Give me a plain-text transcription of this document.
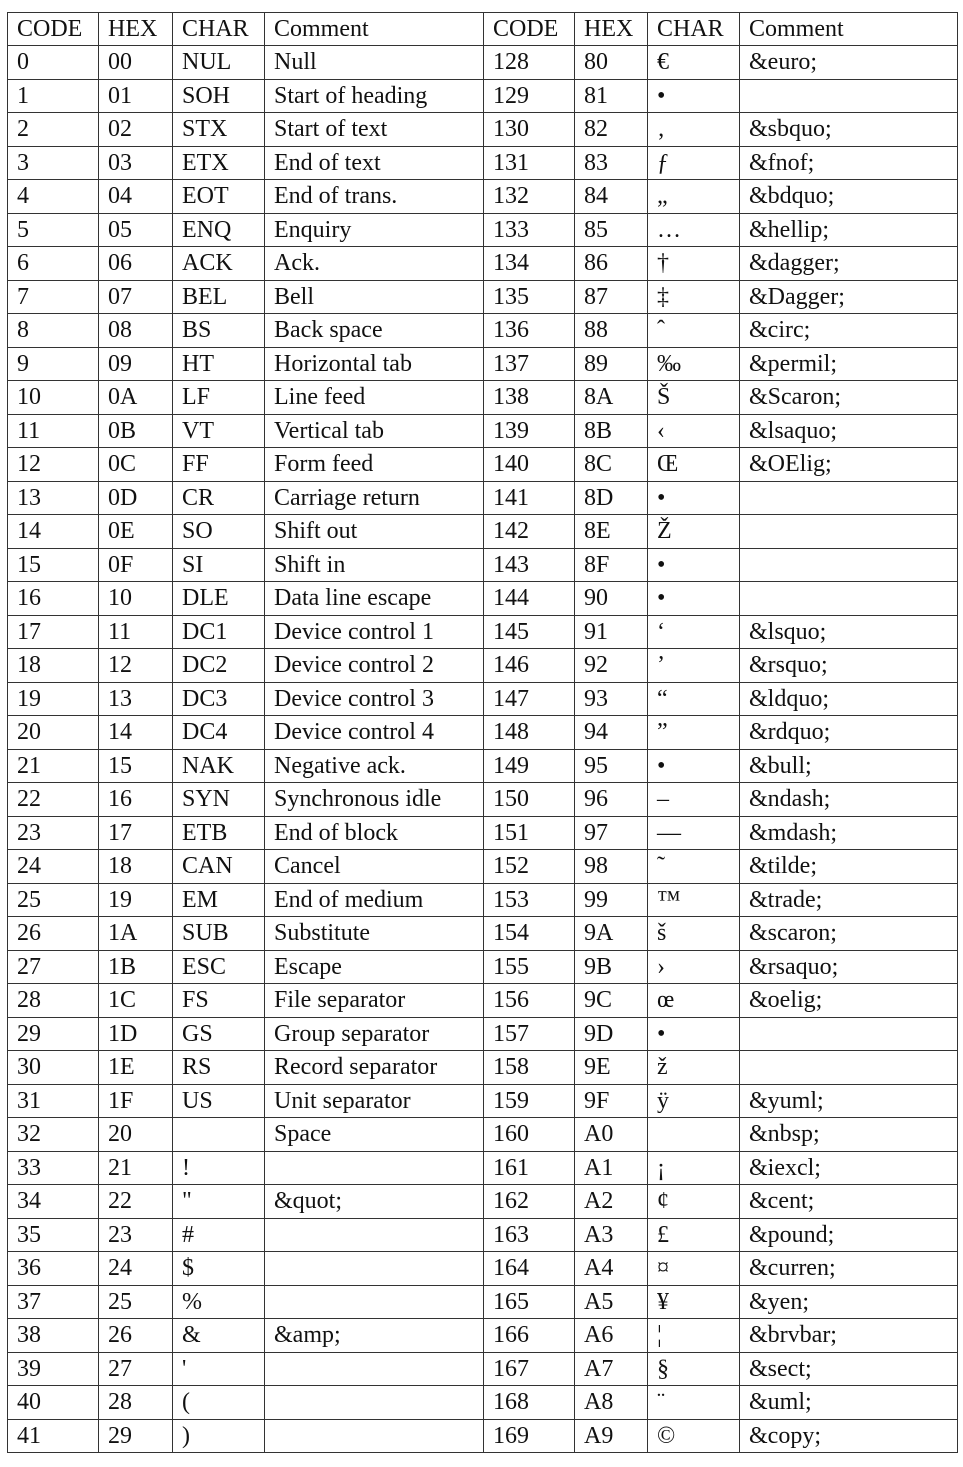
CODE	HEX	CHAR	Comment	CODE	HEX	CHAR	Comment
0	00	NUL	Null	128	80	€	&euro;
1	01	SOH	Start of heading	129	81	•	
2	02	STX	Start of text	130	82	‚	&sbquo;
3	03	ETX	End of text	131	83	ƒ	&fnof;
4	04	EOT	End of trans.	132	84	„	&bdquo;
5	05	ENQ	Enquiry	133	85	…	&hellip;
6	06	ACK	Ack.	134	86	†	&dagger;
7	07	BEL	Bell	135	87	‡	&Dagger;
8	08	BS	Back space	136	88	ˆ	&circ;
9	09	HT	Horizontal tab	137	89	‰	&permil;
10	0A	LF	Line feed	138	8A	Š	&Scaron;
11	0B	VT	Vertical tab	139	8B	‹	&lsaquo;
12	0C	FF	Form feed	140	8C	Œ	&OElig;
13	0D	CR	Carriage return	141	8D	•	
14	0E	SO	Shift out	142	8E	Ž	
15	0F	SI	Shift in	143	8F	•	
16	10	DLE	Data line escape	144	90	•	
17	11	DC1	Device control 1	145	91	‘	&lsquo;
18	12	DC2	Device control 2	146	92	’	&rsquo;
19	13	DC3	Device control 3	147	93	“	&ldquo;
20	14	DC4	Device control 4	148	94	”	&rdquo;
21	15	NAK	Negative ack.	149	95	•	&bull;
22	16	SYN	Synchronous idle	150	96	–	&ndash;
23	17	ETB	End of block	151	97	—	&mdash;
24	18	CAN	Cancel	152	98	˜	&tilde;
25	19	EM	End of medium	153	99	™	&trade;
26	1A	SUB	Substitute	154	9A	š	&scaron;
27	1B	ESC	Escape	155	9B	›	&rsaquo;
28	1C	FS	File separator	156	9C	œ	&oelig;
29	1D	GS	Group separator	157	9D	•	
30	1E	RS	Record separator	158	9E	ž	
31	1F	US	Unit separator	159	9F	ÿ	&yuml;
32	20		Space	160	A0		&nbsp;
33	21	!		161	A1	¡	&iexcl;
34	22	"	&quot;	162	A2	¢	&cent;
35	23	#		163	A3	£	&pound;
36	24	$		164	A4	¤	&curren;
37	25	%		165	A5	¥	&yen;
38	26	&	&amp;	166	A6	¦	&brvbar;
39	27	'		167	A7	§	&sect;
40	28	(		168	A8	¨	&uml;
41	29	)		169	A9	©	&copy;
